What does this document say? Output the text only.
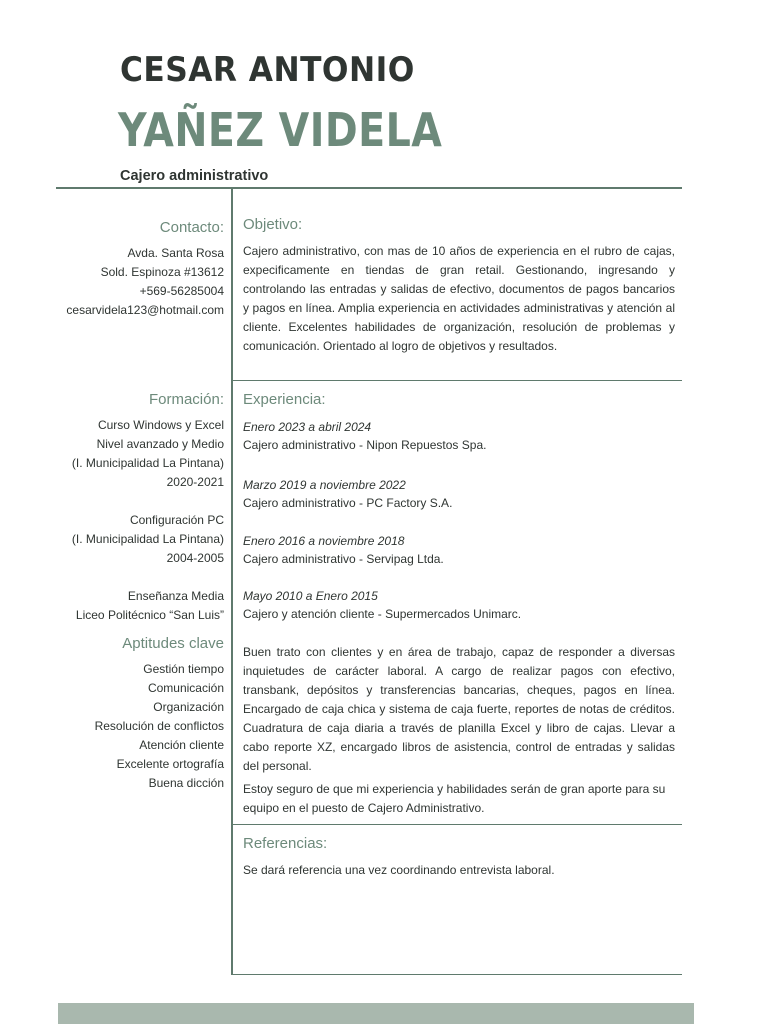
CESAR ANTONIO
YAÑEZ VIDELA
Cajero administrativo
Contacto:
Avda. Santa Rosa
Sold. Espinoza #13612
+569-56285004
cesarvidela123@hotmail.com
Formación:
Curso Windows y Excel
Nivel avanzado y Medio
(I. Municipalidad La Pintana)
2020-2021
Configuración PC
(I. Municipalidad La Pintana)
2004-2005
Enseñanza Media
Liceo Politécnico “San Luis”
Aptitudes clave
Gestión tiempo
Comunicación
Organización
Resolución de conflictos
Atención cliente
Excelente ortografía
Buena dicción
Objetivo:
Cajero administrativo, con mas de 10 años de experiencia en el rubro de cajas, expecificamente en tiendas de gran retail. Gestionando, ingresando y controlando las entradas y salidas de efectivo, documentos de pagos bancarios y pagos en línea. Amplia experiencia en actividades administrativas y atención al cliente. Excelentes habilidades de organización, resolución de problemas y comunicación. Orientado al logro de objetivos y resultados.
Experiencia:
Enero 2023 a abril 2024
Cajero administrativo - Nipon Repuestos Spa.
Marzo 2019 a noviembre 2022
Cajero administrativo - PC Factory S.A.
Enero 2016 a noviembre 2018
Cajero administrativo - Servipag Ltda.
Mayo 2010 a Enero 2015
Cajero y atención cliente - Supermercados Unimarc.
Buen trato con clientes y en área de trabajo, capaz de responder a diversas inquietudes de carácter laboral. A cargo de realizar pagos con efectivo, transbank, depósitos y transferencias bancarias, cheques, pagos en línea. Encargado de caja chica y sistema de caja fuerte, reportes de notas de créditos. Cuadratura de caja diaria a través de planilla Excel y libro de cajas. Llevar a cabo reporte XZ, encargado libros de asistencia, control de entradas y salidas del personal.
Estoy seguro de que mi experiencia y habilidades serán de gran aporte para su equipo en el puesto de Cajero Administrativo.
Referencias:
Se dará referencia una vez coordinando entrevista laboral.
